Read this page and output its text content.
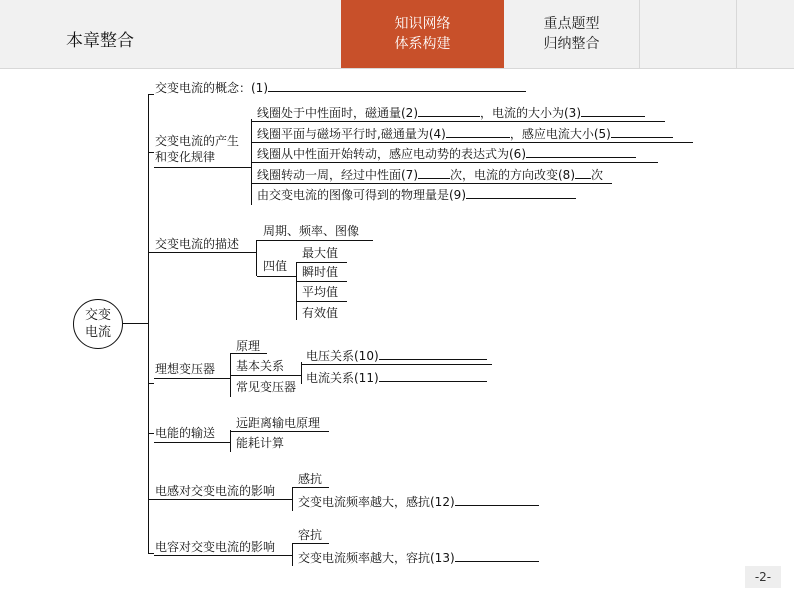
本章整合
知识网络
体系构建
重点题型
归纳整合
交变
电流
交变电流的概念：(1)
交变电流的产生
和变化规律
线圈处于中性面时，磁通量(2)	，电流的大小为(3)
线圈平面与磁场平行时,磁通量为(4)	，感应电流大小(5)
线圈从中性面开始转动，感应电动势的表达式为(6)
线圈转动一周，经过中性面(7)	次，电流的方向改变(8) 次
由交变电流的图像可得到的物理量是(9)
交变电流的描述
周期、频率、图像
四值
最大值
瞬时值
平均值
有效值
理想变压器
原理
基本关系
常见变压器
电压关系(10)
电流关系(11)
电能的输送
远距离输电原理
能耗计算
电感对交变电流的影响
感抗
交变电流频率越大，感抗(12)
电容对交变电流的影响
容抗
交变电流频率越大，容抗(13)
-2-
